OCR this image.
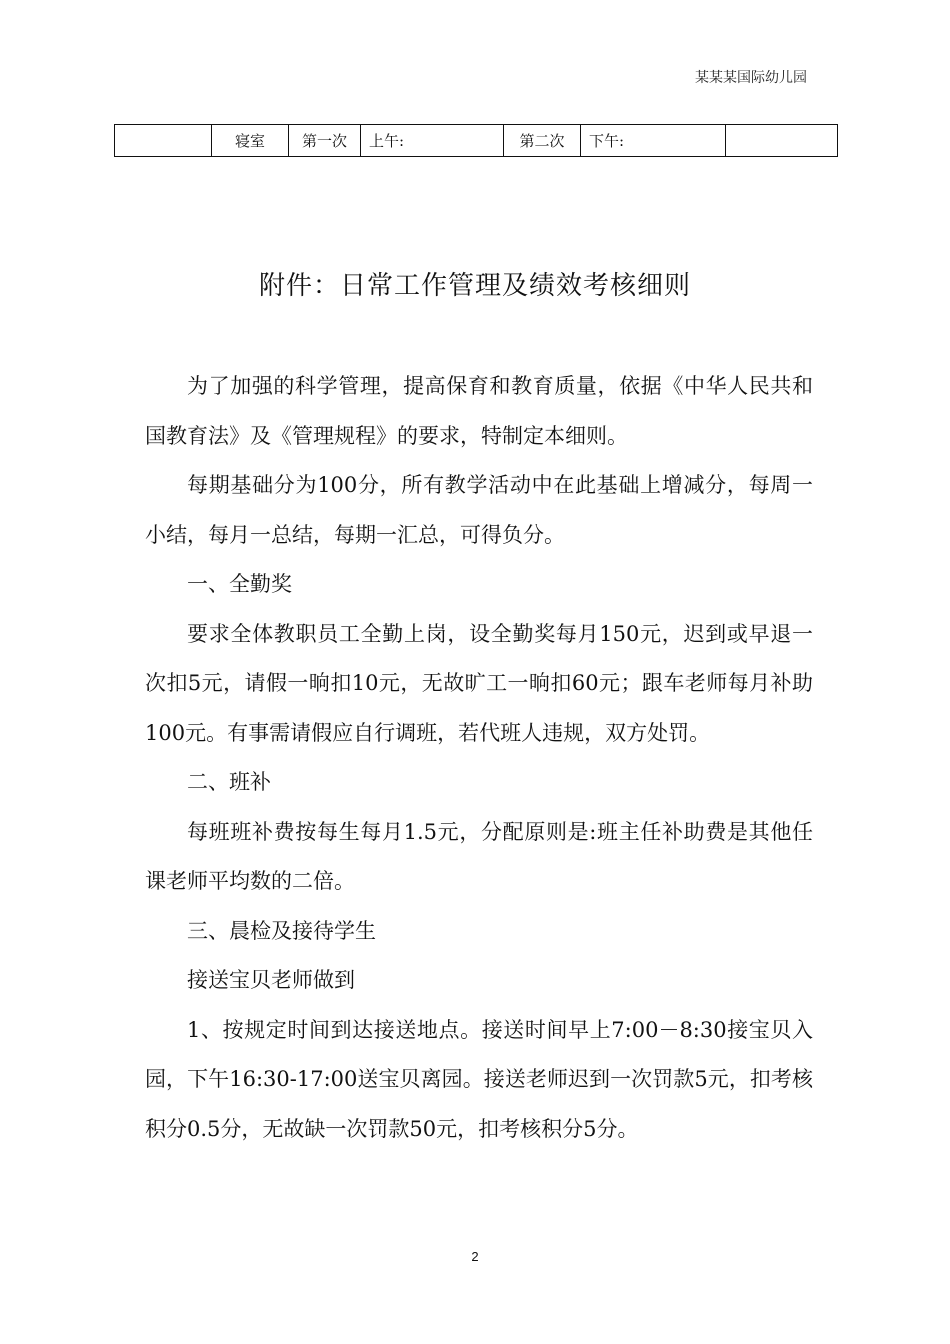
某某某国际幼儿园
	寝室	第一次	上午:	第二次	下午:	
附件：日常工作管理及绩效考核细则

为了加强的科学管理，提高保育和教育质量，依据《中华人民共和国教育法》及《管理规程》的要求，特制定本细则。

每期基础分为100分，所有教学活动中在此基础上增减分，每周一小结，每月一总结，每期一汇总，可得负分。

一、全勤奖

要求全体教职员工全勤上岗，设全勤奖每月150元，迟到或早退一次扣5元，请假一晌扣10元，无故旷工一晌扣60元；跟车老师每月补助100元。有事需请假应自行调班，若代班人违规，双方处罚。

二、班补

每班班补费按每生每月1.5元，分配原则是:班主任补助费是其他任课老师平均数的二倍。

三、晨检及接待学生

接送宝贝老师做到

1、按规定时间到达接送地点。接送时间早上7:00－8:30接宝贝入园，下午16:30-17:00送宝贝离园。接送老师迟到一次罚款5元，扣考核积分0.5分，无故缺一次罚款50元，扣考核积分5分。

2
